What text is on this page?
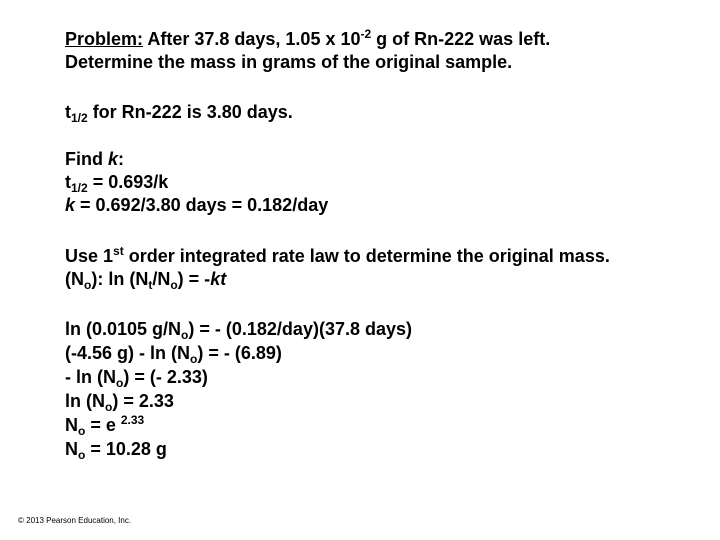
Problem: After 37.8 days, 1.05 x $10^{-2}$ g of Rn-222 was left.
Determine the mass in grams of the original sample.
$t_{1/2}$ for Rn-222 is 3.80 days.
Find k:
$t_{1/2} = 0.693/k$
k = 0.692/3.80 days = 0.182/day
Use 1st order integrated rate law to determine the original mass.
$(N_o)$: $\ln (N_t/N_o) = -kt$
ln (0.0105 $g/N_o$) = - (0.182/day)(37.8 days)
(-4.56 $g) - \ln (N_o)$ = - (6.89)
- $\ln (N_o)$ = (- 2.33)
$\ln (N_o) = 2.33$
$N_o = e$ $^{2.33}$
$N_o = 10.28$ g
© 2013 Pearson Education, Inc.
